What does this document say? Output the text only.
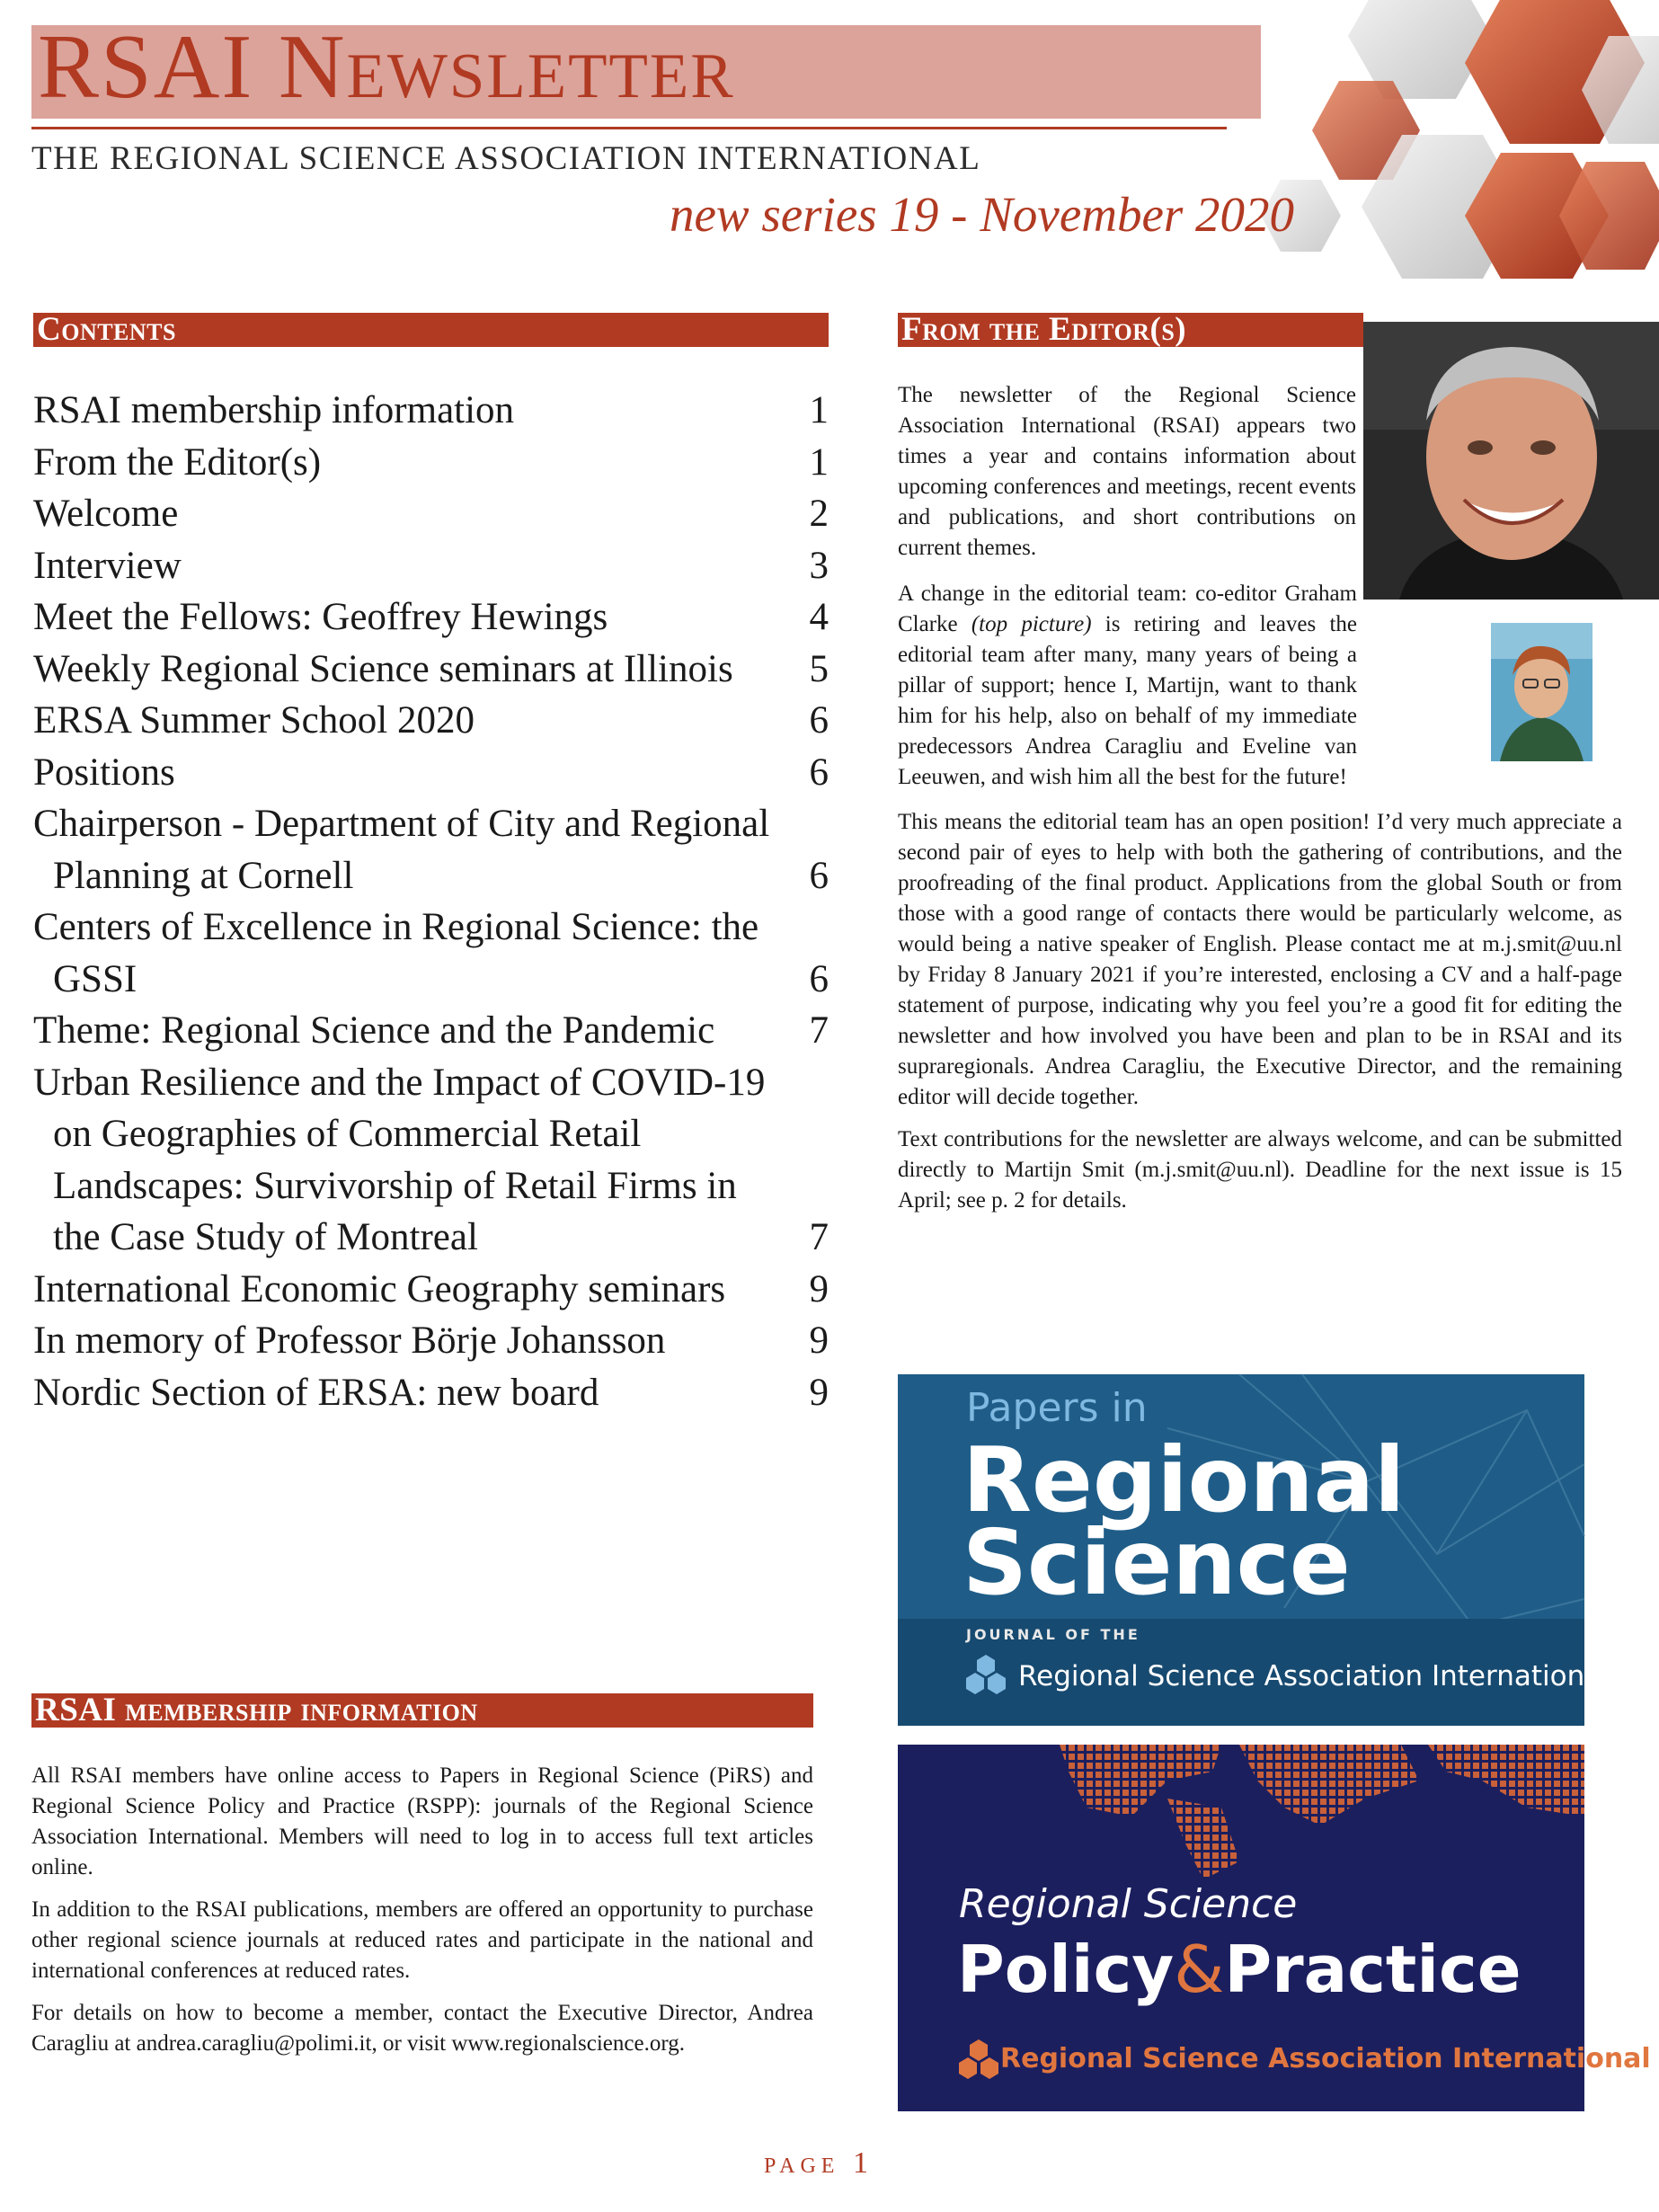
RSAI Newsletter
THE REGIONAL SCIENCE ASSOCIATION INTERNATIONAL
new series 19 - November 2020
Contents
RSAI membership information	1
From the Editor(s)	1
Welcome	2
Interview	3
Meet the Fellows: Geoffrey Hewings	4
Weekly Regional Science seminars at Illinois	5
ERSA Summer School 2020	6
Positions	6
Chairperson - Department of City and Regional Planning at Cornell	6
Centers of Excellence in Regional Science: the GSSI	6
Theme: Regional Science and the Pandemic	7
Urban Resilience and the Impact of COVID-19 on Geographies of Commercial Retail Landscapes: Survivorship of Retail Firms in the Case Study of Montreal	7
International Economic Geography seminars	9
In memory of Professor Börje Johansson	9
Nordic Section of ERSA: new board	9
From the Editor(s)
The newsletter of the Regional Science Association International (RSAI) appears two times a year and contains information about upcoming conferences and meetings, recent events and publications, and short contributions on current themes.
A change in the editorial team: co-editor Graham Clarke (top picture) is retiring and leaves the editorial team after many, many years of being a pillar of support; hence I, Martijn, want to thank him for his help, also on behalf of my immediate predecessors Andrea Caragliu and Eveline van Leeuwen, and wish him all the best for the future!

This means the editorial team has an open position! I’d very much appreciate a second pair of eyes to help with both the gathering of contributions, and the proofreading of the final product. Applications from the global South or from those with a good range of contacts there would be particularly welcome, as would being a native speaker of English. Please contact me at m.j.smit@uu.nl by Friday 8 January 2021 if you’re interested, enclosing a CV and a half-page statement of purpose, indicating why you feel you’re a good fit for editing the newsletter and how involved you have been and plan to be in RSAI and its supraregionals. Andrea Caragliu, the Executive Director, and the remaining editor will decide together.

Text contributions for the newsletter are always welcome, and can be submitted directly to Martijn Smit (m.j.smit@uu.nl). Deadline for the next issue is 15 April; see p. 2 for details.

Papers in
Regional
Science
JOURNAL OF THE
Regional Science Association International
Regional Science
Policy&Practice
Regional Science Association International
RSAI membership information

All RSAI members have online access to Papers in Regional Science (PiRS) and Regional Science Policy and Practice (RSPP): journals of the Regional Science Association International. Members will need to log in to access full text articles online.

In addition to the RSAI publications, members are offered an opportunity to purchase other regional science journals at reduced rates and participate in the national and international conferences at reduced rates.

For details on how to become a member, contact the Executive Director, Andrea Caragliu at andrea.caragliu@polimi.it, or visit www.regionalscience.org.

page 1
